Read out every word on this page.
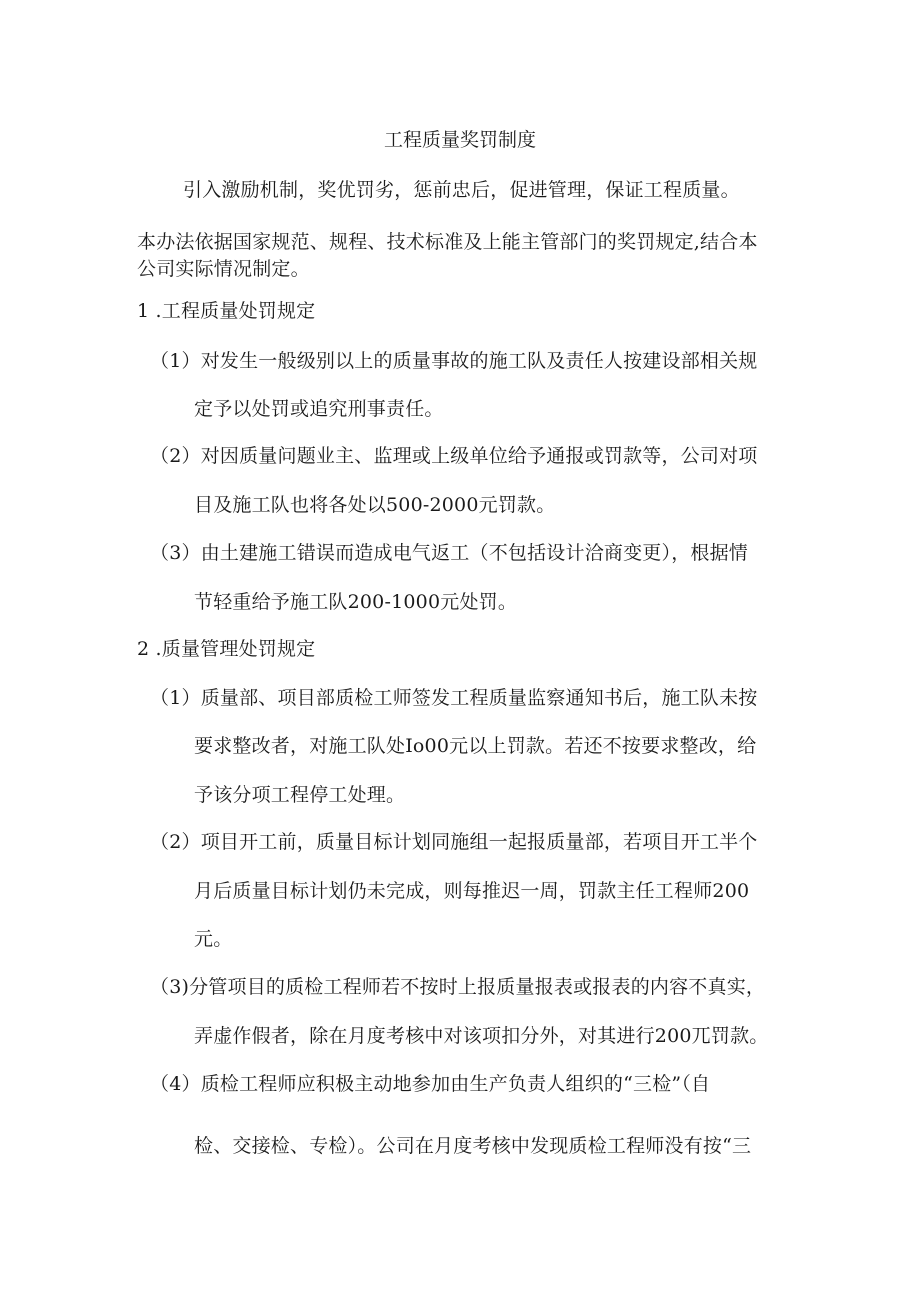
工程质量奖罚制度
引入激励机制，奖优罚劣，惩前忠后，促进管理，保证工程质量。
本办法依据国家规范、规程、技术标准及上能主管部门的奖罚规定,结合本
公司实际情况制定。
1 .工程质量处罚规定
（1）对发生一般级别以上的质量事故的施工队及责任人按建设部相关规
定予以处罚或追究刑事责任。
（2）对因质量问题业主、监理或上级单位给予通报或罚款等，公司对项
目及施工队也将各处以500-2000元罚款。
（3）由土建施工错误而造成电气返工（不包括设计洽商变更），根据情
节轻重给予施工队200-1000元处罚。
2 .质量管理处罚规定
（1）质量部、项目部质检工师签发工程质量监察通知书后，施工队未按
要求整改者，对施工队处Io00元以上罚款。若还不按要求整改，给
予该分项工程停工处理。
（2）项目开工前，质量目标计划同施组一起报质量部，若项目开工半个
月后质量目标计划仍未完成，则每推迟一周，罚款主任工程师200
元。
（3)分管项目的质检工程师若不按时上报质量报表或报表的内容不真实，
弄虚作假者，除在月度考核中对该项扣分外，对其进行200兀罚款。
（4）质检工程师应积极主动地参加由生产负责人组织的“三检”（自
检、交接检、专检）。公司在月度考核中发现质检工程师没有按“三
